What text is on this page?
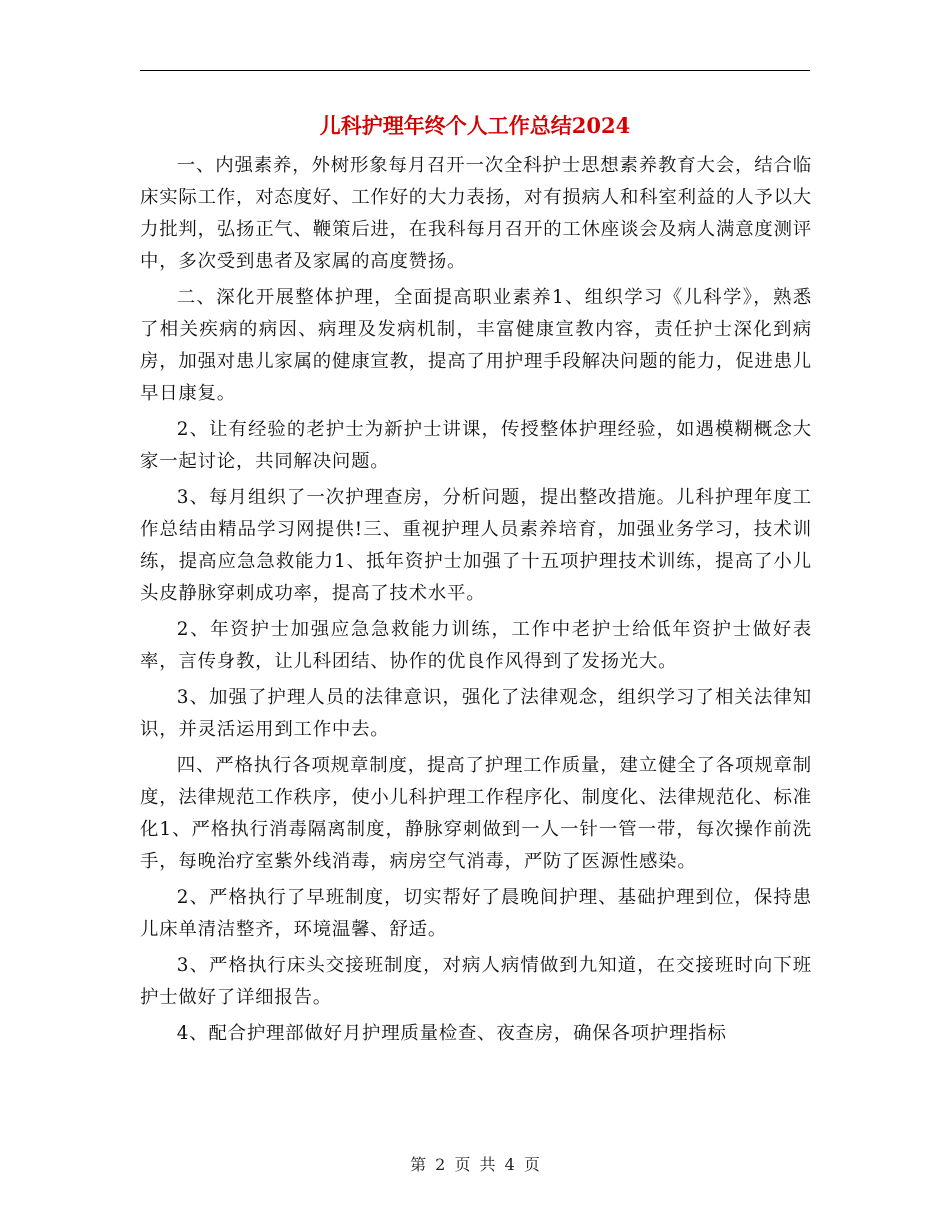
儿科护理年终个人工作总结2024

一、内强素养，外树形象每月召开一次全科护士思想素养教育大会，结合临床实际工作，对态度好、工作好的大力表扬，对有损病人和科室利益的人予以大力批判，弘扬正气、鞭策后进，在我科每月召开的工休座谈会及病人满意度测评中，多次受到患者及家属的高度赞扬。

二、深化开展整体护理，全面提高职业素养1、组织学习《儿科学》，熟悉了相关疾病的病因、病理及发病机制，丰富健康宣教内容，责任护士深化到病房，加强对患儿家属的健康宣教，提高了用护理手段解决问题的能力，促进患儿早日康复。

2、让有经验的老护士为新护士讲课，传授整体护理经验，如遇模糊概念大家一起讨论，共同解决问题。

3、每月组织了一次护理查房，分析问题，提出整改措施。儿科护理年度工作总结由精品学习网提供!三、重视护理人员素养培育，加强业务学习，技术训练，提高应急急救能力1、抵年资护士加强了十五项护理技术训练，提高了小儿头皮静脉穿刺成功率，提高了技术水平。

2、年资护士加强应急急救能力训练，工作中老护士给低年资护士做好表率，言传身教，让儿科团结、协作的优良作风得到了发扬光大。

3、加强了护理人员的法律意识，强化了法律观念，组织学习了相关法律知识，并灵活运用到工作中去。

四、严格执行各项规章制度，提高了护理工作质量，建立健全了各项规章制度，法律规范工作秩序，使小儿科护理工作程序化、制度化、法律规范化、标准化1、严格执行消毒隔离制度，静脉穿刺做到一人一针一管一带，每次操作前洗手，每晚治疗室紫外线消毒，病房空气消毒，严防了医源性感染。

2、严格执行了早班制度，切实帮好了晨晚间护理、基础护理到位，保持患儿床单清洁整齐，环境温馨、舒适。

3、严格执行床头交接班制度，对病人病情做到九知道，在交接班时向下班护士做好了详细报告。

4、配合护理部做好月护理质量检查、夜查房，确保各项护理指标

第 2 页 共 4 页
